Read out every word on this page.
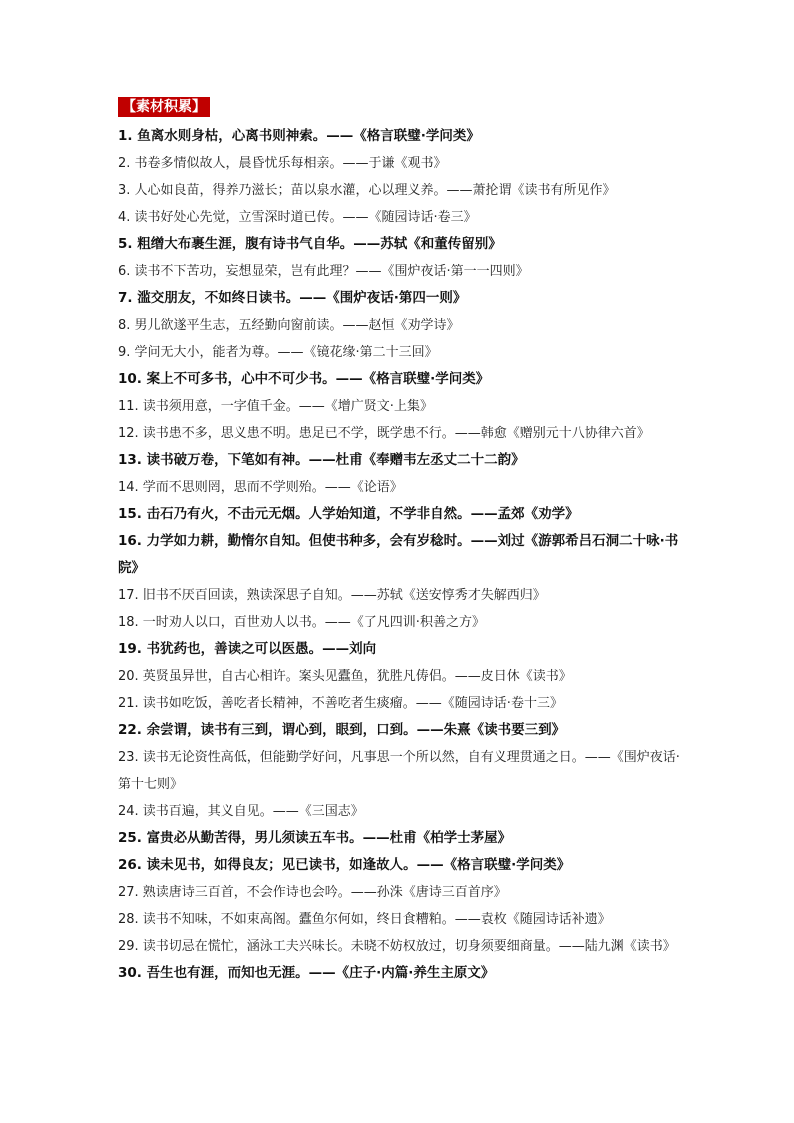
【素材积累】
1. 鱼离水则身枯，心离书则神索。——《格言联璧·学问类》
2. 书卷多情似故人，晨昏忧乐每相亲。——于谦《观书》
3. 人心如良苗，得养乃滋长；苗以泉水灌，心以理义养。——萧抡谓《读书有所见作》
4. 读书好处心先觉，立雪深时道已传。——《随园诗话·卷三》
5. 粗缯大布裹生涯，腹有诗书气自华。——苏轼《和董传留别》
6. 读书不下苦功，妄想显荣，岂有此理？——《围炉夜话·第一一四则》
7. 滥交朋友，不如终日读书。——《围炉夜话·第四一则》
8. 男儿欲遂平生志，五经勤向窗前读。——赵恒《劝学诗》
9. 学问无大小，能者为尊。——《镜花缘·第二十三回》
10. 案上不可多书，心中不可少书。——《格言联璧·学问类》
11. 读书须用意，一字值千金。——《增广贤文·上集》
12. 读书患不多，思义患不明。患足已不学，既学患不行。——韩愈《赠别元十八协律六首》
13. 读书破万卷，下笔如有神。——杜甫《奉赠韦左丞丈二十二韵》
14. 学而不思则罔，思而不学则殆。——《论语》
15. 击石乃有火，不击元无烟。人学始知道，不学非自然。——孟郊《劝学》
16. 力学如力耕，勤惰尔自知。但使书种多，会有岁稔时。——刘过《游郭希吕石洞二十咏·书院》
17. 旧书不厌百回读，熟读深思子自知。——苏轼《送安惇秀才失解西归》
18. 一时劝人以口，百世劝人以书。——《了凡四训·积善之方》
19. 书犹药也，善读之可以医愚。——刘向
20. 英贤虽异世，自古心相许。案头见蠹鱼，犹胜凡俦侣。——皮日休《读书》
21. 读书如吃饭，善吃者长精神，不善吃者生痰瘤。——《随园诗话·卷十三》
22. 余尝谓，读书有三到，谓心到，眼到，口到。——朱熹《读书要三到》
23. 读书无论资性高低，但能勤学好问，凡事思一个所以然，自有义理贯通之日。——《围炉夜话·第十七则》
24. 读书百遍，其义自见。——《三国志》
25. 富贵必从勤苦得，男儿须读五车书。——杜甫《柏学士茅屋》
26. 读未见书，如得良友；见已读书，如逢故人。——《格言联璧·学问类》
27. 熟读唐诗三百首，不会作诗也会吟。——孙洙《唐诗三百首序》
28. 读书不知味，不如束高阁。蠹鱼尔何如，终日食糟粕。——袁枚《随园诗话补遗》
29. 读书切忌在慌忙，涵泳工夫兴味长。未晓不妨权放过，切身须要细商量。——陆九渊《读书》
30. 吾生也有涯，而知也无涯。——《庄子·内篇·养生主原文》
